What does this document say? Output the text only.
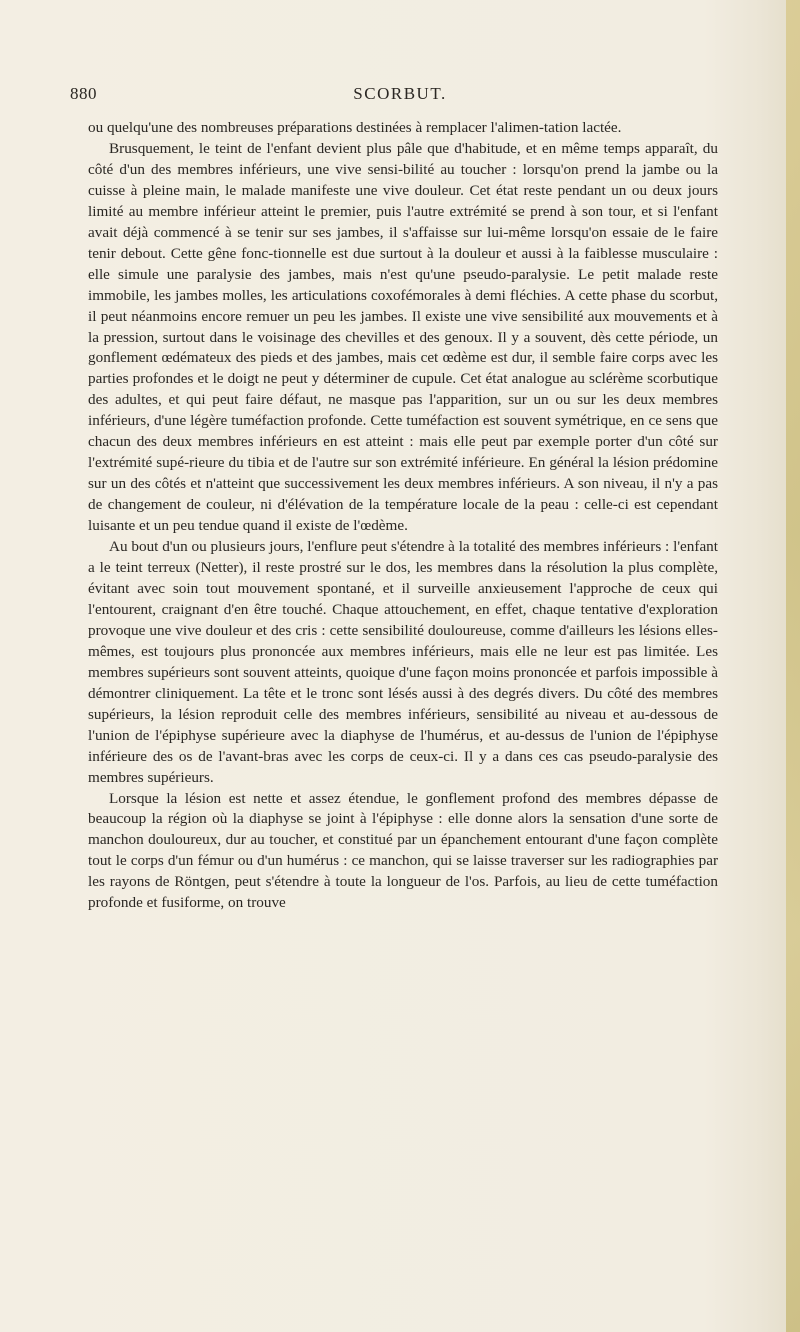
880	SCORBUT.

ou quelqu'une des nombreuses préparations destinées à remplacer l'alimen-tation lactée.

Brusquement, le teint de l'enfant devient plus pâle que d'habitude, et en même temps apparaît, du côté d'un des membres inférieurs, une vive sensi-bilité au toucher : lorsqu'on prend la jambe ou la cuisse à pleine main, le malade manifeste une vive douleur. Cet état reste pendant un ou deux jours limité au membre inférieur atteint le premier, puis l'autre extrémité se prend à son tour, et si l'enfant avait déjà commencé à se tenir sur ses jambes, il s'affaisse sur lui-même lorsqu'on essaie de le faire tenir debout. Cette gêne fonc-tionnelle est due surtout à la douleur et aussi à la faiblesse musculaire : elle simule une paralysie des jambes, mais n'est qu'une pseudo-paralysie. Le petit malade reste immobile, les jambes molles, les articulations coxofémorales à demi fléchies. A cette phase du scorbut, il peut néanmoins encore remuer un peu les jambes. Il existe une vive sensibilité aux mouvements et à la pression, surtout dans le voisinage des chevilles et des genoux. Il y a souvent, dès cette période, un gonflement œdémateux des pieds et des jambes, mais cet œdème est dur, il semble faire corps avec les parties profondes et le doigt ne peut y déterminer de cupule. Cet état analogue au sclérème scorbutique des adultes, et qui peut faire défaut, ne masque pas l'apparition, sur un ou sur les deux membres inférieurs, d'une légère tuméfaction profonde. Cette tuméfaction est souvent symétrique, en ce sens que chacun des deux membres inférieurs en est atteint : mais elle peut par exemple porter d'un côté sur l'extrémité supé-rieure du tibia et de l'autre sur son extrémité inférieure. En général la lésion prédomine sur un des côtés et n'atteint que successivement les deux membres inférieurs. A son niveau, il n'y a pas de changement de couleur, ni d'élévation de la température locale de la peau : celle-ci est cependant luisante et un peu tendue quand il existe de l'œdème.

Au bout d'un ou plusieurs jours, l'enflure peut s'étendre à la totalité des membres inférieurs : l'enfant a le teint terreux (Netter), il reste prostré sur le dos, les membres dans la résolution la plus complète, évitant avec soin tout mouvement spontané, et il surveille anxieusement l'approche de ceux qui l'entourent, craignant d'en être touché. Chaque attouchement, en effet, chaque tentative d'exploration provoque une vive douleur et des cris : cette sensibilité douloureuse, comme d'ailleurs les lésions elles-mêmes, est toujours plus prononcée aux membres inférieurs, mais elle ne leur est pas limitée. Les membres supérieurs sont souvent atteints, quoique d'une façon moins prononcée et parfois impossible à démontrer cliniquement. La tête et le tronc sont lésés aussi à des degrés divers. Du côté des membres supérieurs, la lésion reproduit celle des membres inférieurs, sensibilité au niveau et au-dessous de l'union de l'épiphyse supérieure avec la diaphyse de l'humérus, et au-dessus de l'union de l'épiphyse inférieure des os de l'avant-bras avec les corps de ceux-ci. Il y a dans ces cas pseudo-paralysie des membres supérieurs.

Lorsque la lésion est nette et assez étendue, le gonflement profond des membres dépasse de beaucoup la région où la diaphyse se joint à l'épiphyse : elle donne alors la sensation d'une sorte de manchon douloureux, dur au toucher, et constitué par un épanchement entourant d'une façon complète tout le corps d'un fémur ou d'un humérus : ce manchon, qui se laisse traverser sur les radiographies par les rayons de Röntgen, peut s'étendre à toute la longueur de l'os. Parfois, au lieu de cette tuméfaction profonde et fusiforme, on trouve
